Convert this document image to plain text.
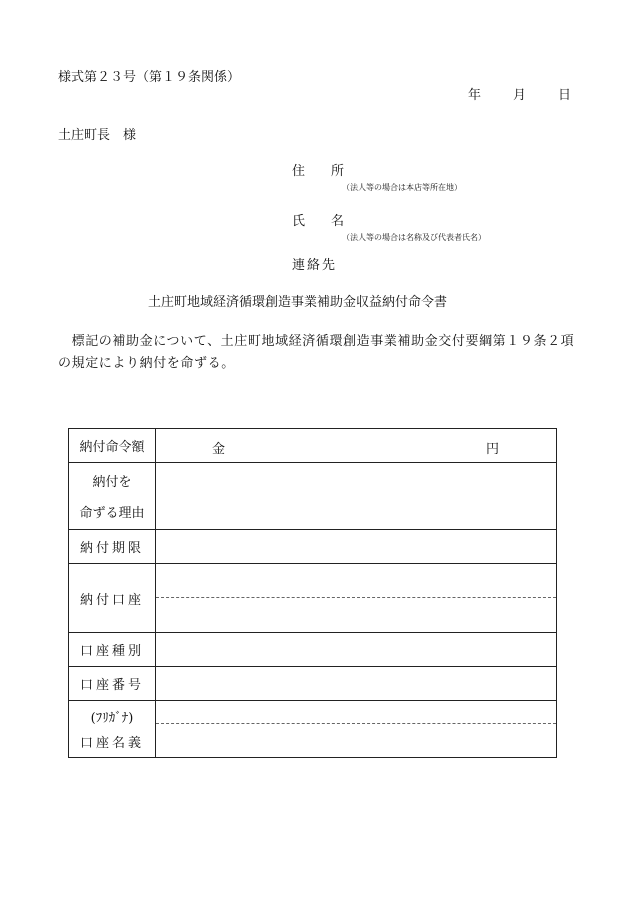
様式第２３号（第１９条関係）
年 月 日
土庄町長　様
住　　所
（法人等の場合は本店等所在地）
氏　　名
（法人等の場合は名称及び代表者氏名）
連絡先
土庄町地域経済循環創造事業補助金収益納付命令書
　標記の補助金について、土庄町地域経済循環創造事業補助金交付要綱第１９条２項の規定により納付を命ずる。
納付命令額	金 円

納付を
命ずる理由	

納付期限	
納付口座	

口座種別	
口座番号	

(ﾌﾘｶﾞﾅ)
口座名義	
